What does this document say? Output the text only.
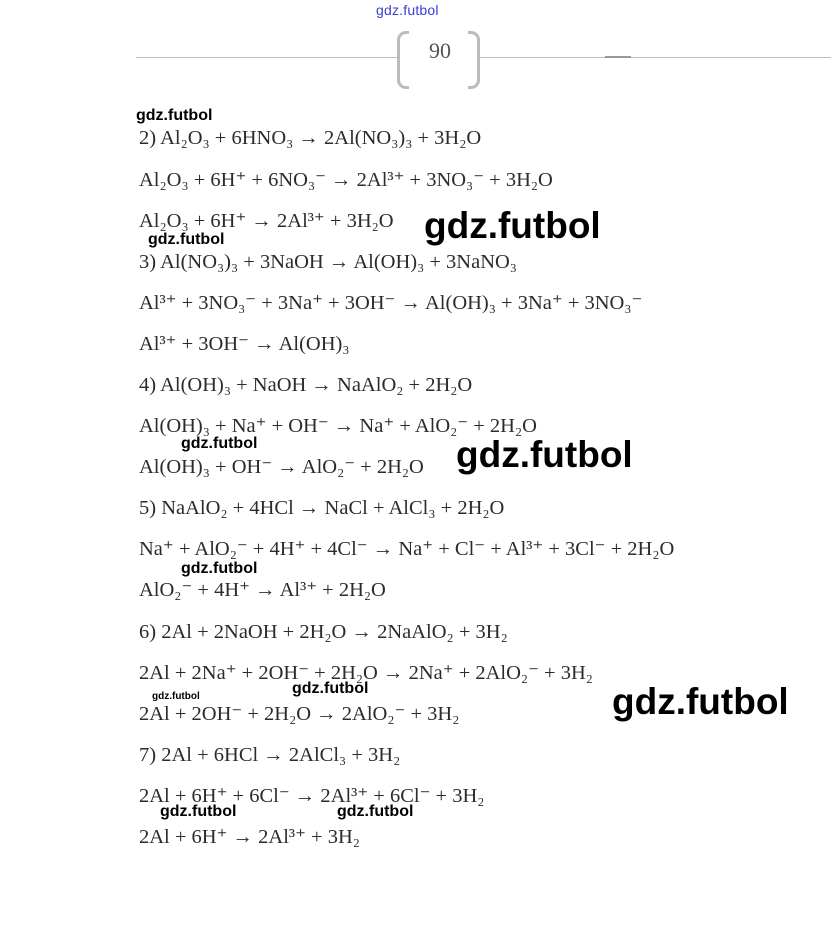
gdz.futbol
90
2) Al₂O₃ + 6HNO₃ → 2Al(NO₃)₃ + 3H₂O
Al₂O₃ + 6H⁺ + 6NO₃⁻ → 2Al³⁺ + 3NO₃⁻ + 3H₂O
Al₂O₃ + 6H⁺ → 2Al³⁺ + 3H₂O
3) Al(NO₃)₃ + 3NaOH → Al(OH)₃ + 3NaNO₃
Al³⁺ + 3NO₃⁻ + 3Na⁺ + 3OH⁻ → Al(OH)₃ + 3Na⁺ + 3NO₃⁻
Al³⁺ + 3OH⁻ → Al(OH)₃
4) Al(OH)₃ + NaOH → NaAlO₂ + 2H₂O
Al(OH)₃ + Na⁺ + OH⁻ → Na⁺ + AlO₂⁻ + 2H₂O
Al(OH)₃ + OH⁻ → AlO₂⁻ + 2H₂O
5) NaAlO₂ + 4HCl → NaCl + AlCl₃ + 2H₂O
Na⁺ + AlO₂⁻ + 4H⁺ + 4Cl⁻ → Na⁺ + Cl⁻ + Al³⁺ + 3Cl⁻ + 2H₂O
AlO₂⁻ + 4H⁺ → Al³⁺ + 2H₂O
6) 2Al + 2NaOH + 2H₂O → 2NaAlO₂ + 3H₂
2Al + 2Na⁺ + 2OH⁻ + 2H₂O → 2Na⁺ + 2AlO₂⁻ + 3H₂
2Al + 2OH⁻ + 2H₂O → 2AlO₂⁻ + 3H₂
7) 2Al + 6HCl → 2AlCl₃ + 3H₂
2Al + 6H⁺ + 6Cl⁻ → 2Al³⁺ + 6Cl⁻ + 3H₂
2Al + 6H⁺ → 2Al³⁺ + 3H₂
gdz.futbol
gdz.futbol
gdz.futbol
gdz.futbol	gdz.futbol
gdz.futbol
gdz.futbol
gdz.futbol	gdz.futbol
gdz.futbol	gdz.futbol
